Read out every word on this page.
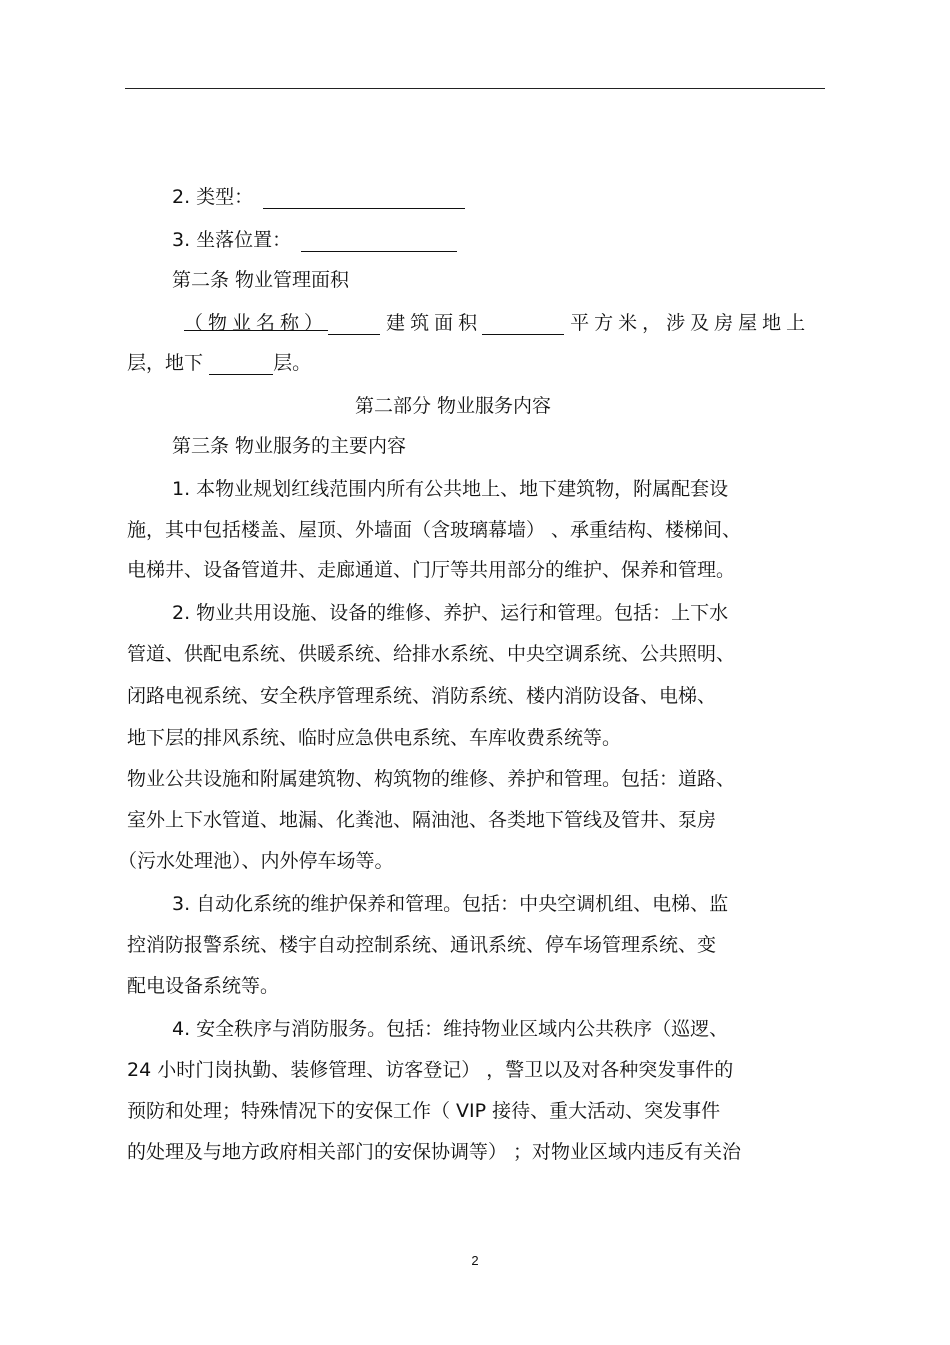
2. 类型：
3. 坐落位置：
第二条 物业管理面积
（物业名称）	建筑面积	平方米，涉及房屋地上
层，地下	层。
第二部分 物业服务内容
第三条 物业服务的主要内容
1. 本物业规划红线范围内所有公共地上、地下建筑物，附属配套设
施，其中包括楼盖、屋顶、外墙面（含玻璃幕墙） 、承重结构、楼梯间、
电梯井、设备管道井、走廊通道、门厅等共用部分的维护、保养和管理。
2. 物业共用设施、设备的维修、养护、运行和管理。包括：上下水
管道、供配电系统、供暖系统、给排水系统、中央空调系统、公共照明、
闭路电视系统、安全秩序管理系统、消防系统、楼内消防设备、电梯、
地下层的排风系统、临时应急供电系统、车库收费系统等。
物业公共设施和附属建筑物、构筑物的维修、养护和管理。包括：道路、
室外上下水管道、地漏、化粪池、隔油池、各类地下管线及管井、泵房
（污水处理池）、内外停车场等。
3. 自动化系统的维护保养和管理。包括：中央空调机组、电梯、监
控消防报警系统、楼宇自动控制系统、通讯系统、停车场管理系统、变
配电设备系统等。
4. 安全秩序与消防服务。包括：维持物业区域内公共秩序（巡逻、
24 小时门岗执勤、装修管理、访客登记） ，警卫以及对各种突发事件的
预防和处理；特殊情况下的安保工作（ VIP 接待、重大活动、突发事件
的处理及与地方政府相关部门的安保协调等） ；对物业区域内违反有关治
2
